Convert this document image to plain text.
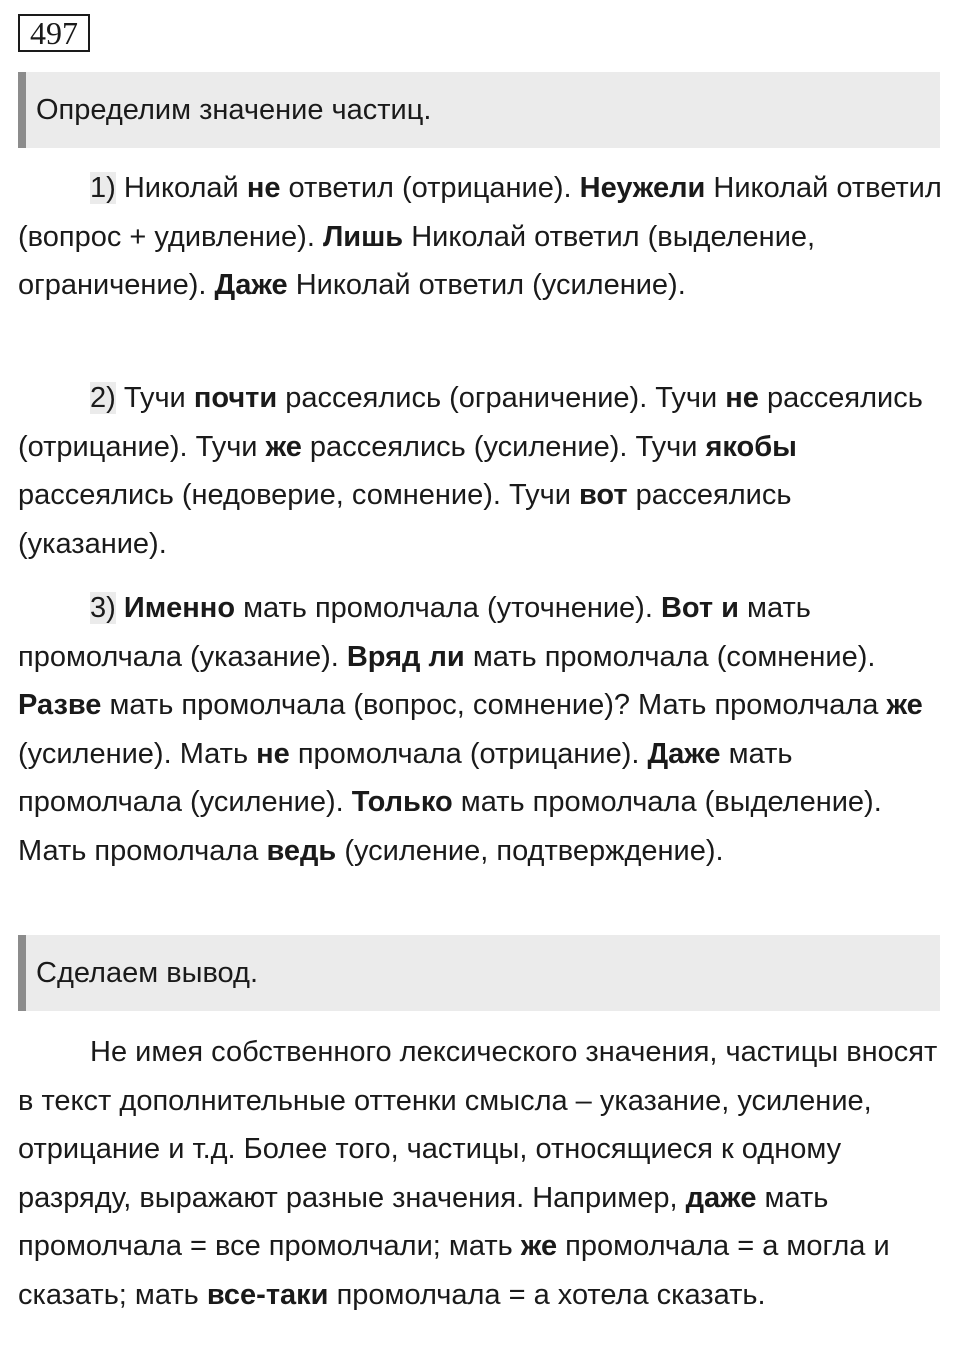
497
Определим значение частиц.

1) Николай не ответил (отрицание). Неужели Николай ответил (вопрос + удивление). Лишь Николай ответил (выделение, ограничение). Даже Николай ответил (усиление).

2) Тучи почти рассеялись (ограничение). Тучи не рассеялись (отрицание). Тучи же рассеялись (усиление). Тучи якобы рассеялись (недоверие, сомнение). Тучи вот рассеялись (указание).

3) Именно мать промолчала (уточнение). Вот и мать промолчала (указание). Вряд ли мать промолчала (сомнение). Разве мать промолчала (вопрос, сомнение)? Мать промолчала же (усиление). Мать не промолчала (отрицание). Даже мать промолчала (усиление). Только мать промолчала (выделение). Мать промолчала ведь (усиление, подтверждение).

Сделаем вывод.

Не имея собственного лексического значения, частицы вносят в текст дополнительные оттенки смысла – указание, усиление, отрицание и т.д. Более того, частицы, относящиеся к одному разряду, выражают разные значения. Например, даже мать промолчала = все промолчали; мать же промолчала = а могла и сказать; мать все-таки промолчала = а хотела сказать.
